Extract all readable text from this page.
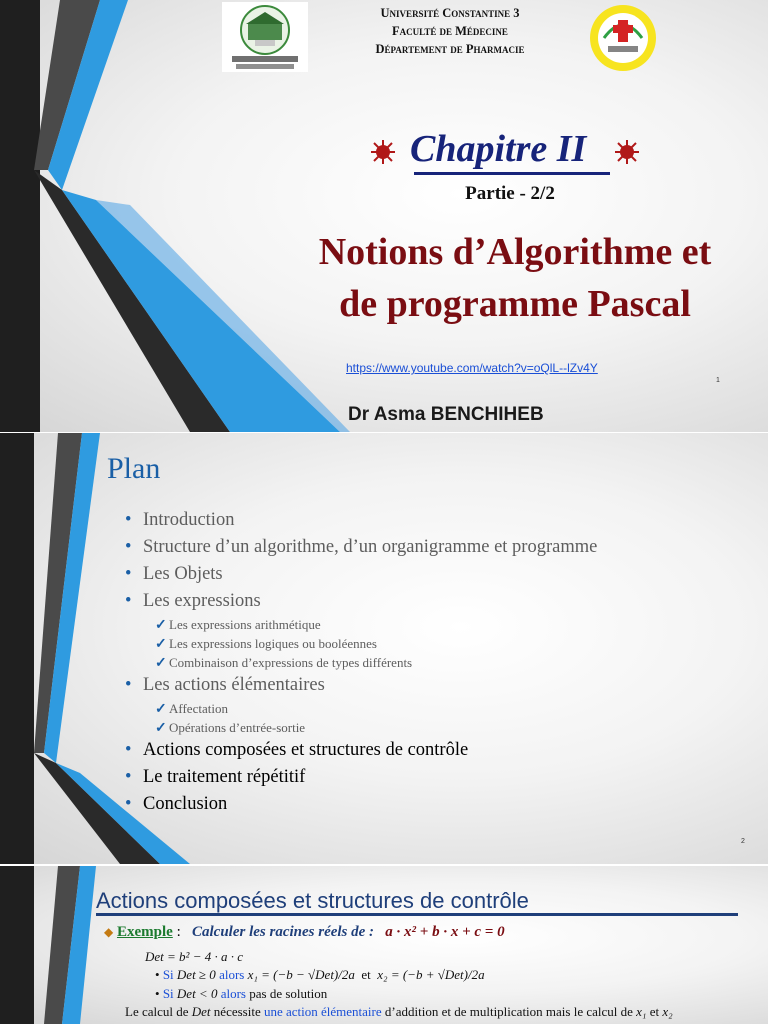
Université Constantine 3
Faculté de Médecine
Département de Pharmacie
Chapitre II
Partie - 2/2
Notions d’Algorithme et
de programme Pascal
https://www.youtube.com/watch?v=oQlL--lZv4Y
1
Dr Asma BENCHIHEB
Plan
• Introduction
• Structure d’un algorithme, d’un organigramme et programme
• Les Objets
• Les expressions
✓ Les expressions arithmétique
✓ Les expressions logiques ou booléennes
✓ Combinaison d’expressions de types différents
• Les actions élémentaires
✓ Affectation
✓ Opérations d’entrée-sortie
• Actions composées et structures de contrôle
• Le traitement répétitif
• Conclusion
2
Actions composées et structures de contrôle
◆ Exemple : Calculer les racines réels de : a · x² + b · x + c = 0
Det = b² − 4 · a · c
• Si Det ≥ 0 alors x₁ = (−b − √Det)/2a et x₂ = (−b + √Det)/2a
• Si Det < 0 alors pas de solution
Le calcul de Det nécessite une action élémentaire d’addition et de multiplication mais le calcul de x₁ et x₂
